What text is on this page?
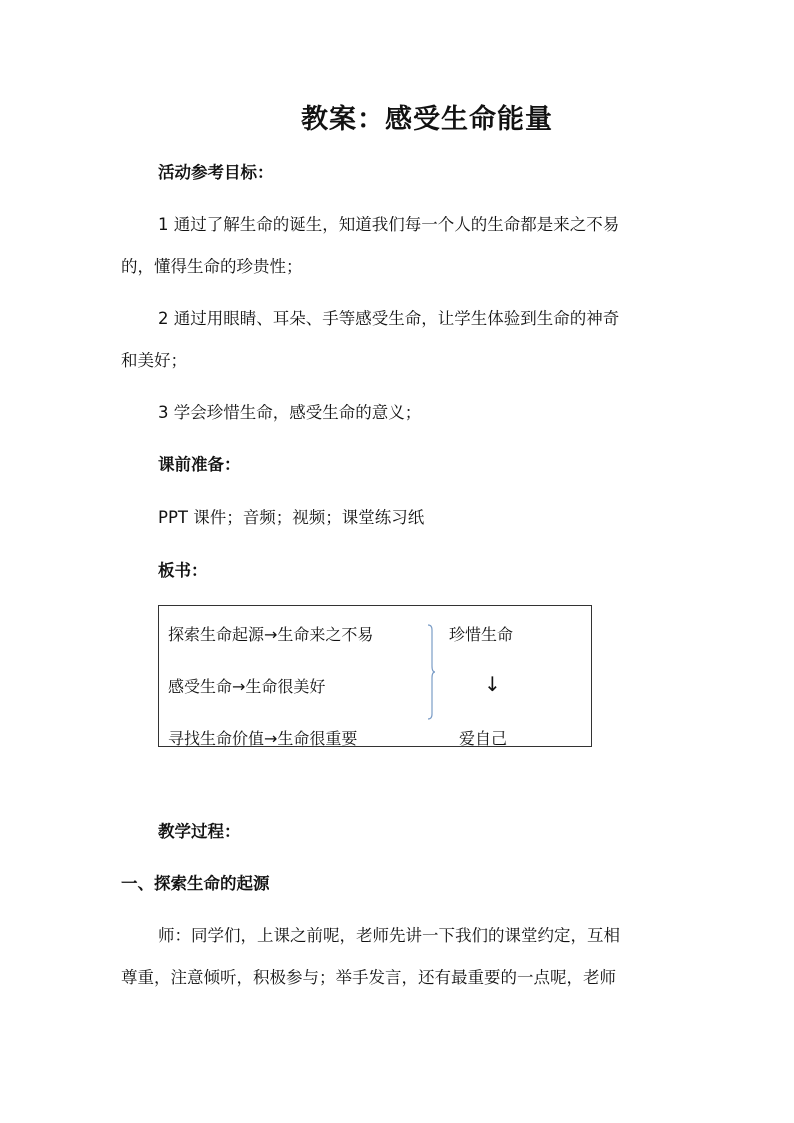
教案：感受生命能量
活动参考目标：
1 通过了解生命的诞生，知道我们每一个人的生命都是来之不易
的，懂得生命的珍贵性；
2 通过用眼睛、耳朵、手等感受生命，让学生体验到生命的神奇
和美好；
3 学会珍惜生命，感受生命的意义；
课前准备：
PPT 课件；音频；视频；课堂练习纸
板书：
探索生命起源→生命来之不易
感受生命→生命很美好
寻找生命价值→生命很重要
珍惜生命
↓
爱自己
教学过程：
一、探索生命的起源
师：同学们，上课之前呢，老师先讲一下我们的课堂约定，互相
尊重，注意倾听，积极参与；举手发言，还有最重要的一点呢，老师
